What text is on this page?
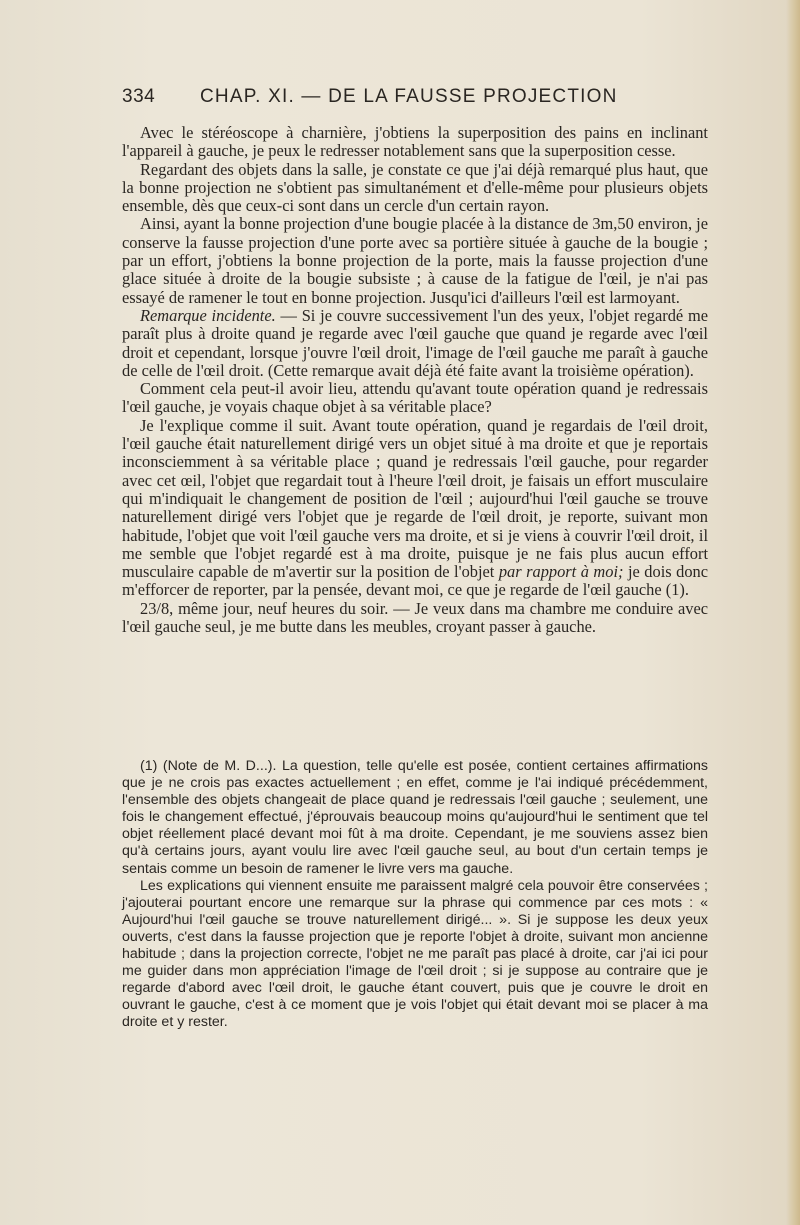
334 CHAP. XI. — DE LA FAUSSE PROJECTION

Avec le stéréoscope à charnière, j'obtiens la superposition des pains en inclinant l'appareil à gauche, je peux le redresser notablement sans que la superposition cesse.

Regardant des objets dans la salle, je constate ce que j'ai déjà remarqué plus haut, que la bonne projection ne s'obtient pas simultanément et d'elle-même pour plusieurs objets ensemble, dès que ceux-ci sont dans un cercle d'un certain rayon.

Ainsi, ayant la bonne projection d'une bougie placée à la distance de 3m,50 environ, je conserve la fausse projection d'une porte avec sa portière située à gauche de la bougie ; par un effort, j'obtiens la bonne projection de la porte, mais la fausse projection d'une glace située à droite de la bougie subsiste ; à cause de la fatigue de l'œil, je n'ai pas essayé de ramener le tout en bonne projection. Jusqu'ici d'ailleurs l'œil est larmoyant.

Remarque incidente. — Si je couvre successivement l'un des yeux, l'objet regardé me paraît plus à droite quand je regarde avec l'œil gauche que quand je regarde avec l'œil droit et cependant, lorsque j'ouvre l'œil droit, l'image de l'œil gauche me paraît à gauche de celle de l'œil droit. (Cette remarque avait déjà été faite avant la troisième opération).

Comment cela peut-il avoir lieu, attendu qu'avant toute opération quand je redressais l'œil gauche, je voyais chaque objet à sa véritable place?

Je l'explique comme il suit. Avant toute opération, quand je regardais de l'œil droit, l'œil gauche était naturellement dirigé vers un objet situé à ma droite et que je reportais inconsciemment à sa véritable place ; quand je redressais l'œil gauche, pour regarder avec cet œil, l'objet que regardait tout à l'heure l'œil droit, je faisais un effort musculaire qui m'indiquait le changement de position de l'œil ; aujourd'hui l'œil gauche se trouve naturellement dirigé vers l'objet que je regarde de l'œil droit, je reporte, suivant mon habitude, l'objet que voit l'œil gauche vers ma droite, et si je viens à couvrir l'œil droit, il me semble que l'objet regardé est à ma droite, puisque je ne fais plus aucun effort musculaire capable de m'avertir sur la position de l'objet par rapport à moi; je dois donc m'efforcer de reporter, par la pensée, devant moi, ce que je regarde de l'œil gauche (1).

23/8, même jour, neuf heures du soir. — Je veux dans ma chambre me conduire avec l'œil gauche seul, je me butte dans les meubles, croyant passer à gauche.

(1) (Note de M. D...). La question, telle qu'elle est posée, contient certaines affirmations que je ne crois pas exactes actuellement ; en effet, comme je l'ai indiqué précédemment, l'ensemble des objets changeait de place quand je redressais l'œil gauche ; seulement, une fois le changement effectué, j'éprouvais beaucoup moins qu'aujourd'hui le sentiment que tel objet réellement placé devant moi fût à ma droite. Cependant, je me souviens assez bien qu'à certains jours, ayant voulu lire avec l'œil gauche seul, au bout d'un certain temps je sentais comme un besoin de ramener le livre vers ma gauche.

Les explications qui viennent ensuite me paraissent malgré cela pouvoir être conservées ; j'ajouterai pourtant encore une remarque sur la phrase qui commence par ces mots : « Aujourd'hui l'œil gauche se trouve naturellement dirigé... ». Si je suppose les deux yeux ouverts, c'est dans la fausse projection que je reporte l'objet à droite, suivant mon ancienne habitude ; dans la projection correcte, l'objet ne me paraît pas placé à droite, car j'ai ici pour me guider dans mon appréciation l'image de l'œil droit ; si je suppose au contraire que je regarde d'abord avec l'œil droit, le gauche étant couvert, puis que je couvre le droit en ouvrant le gauche, c'est à ce moment que je vois l'objet qui était devant moi se placer à ma droite et y rester.
